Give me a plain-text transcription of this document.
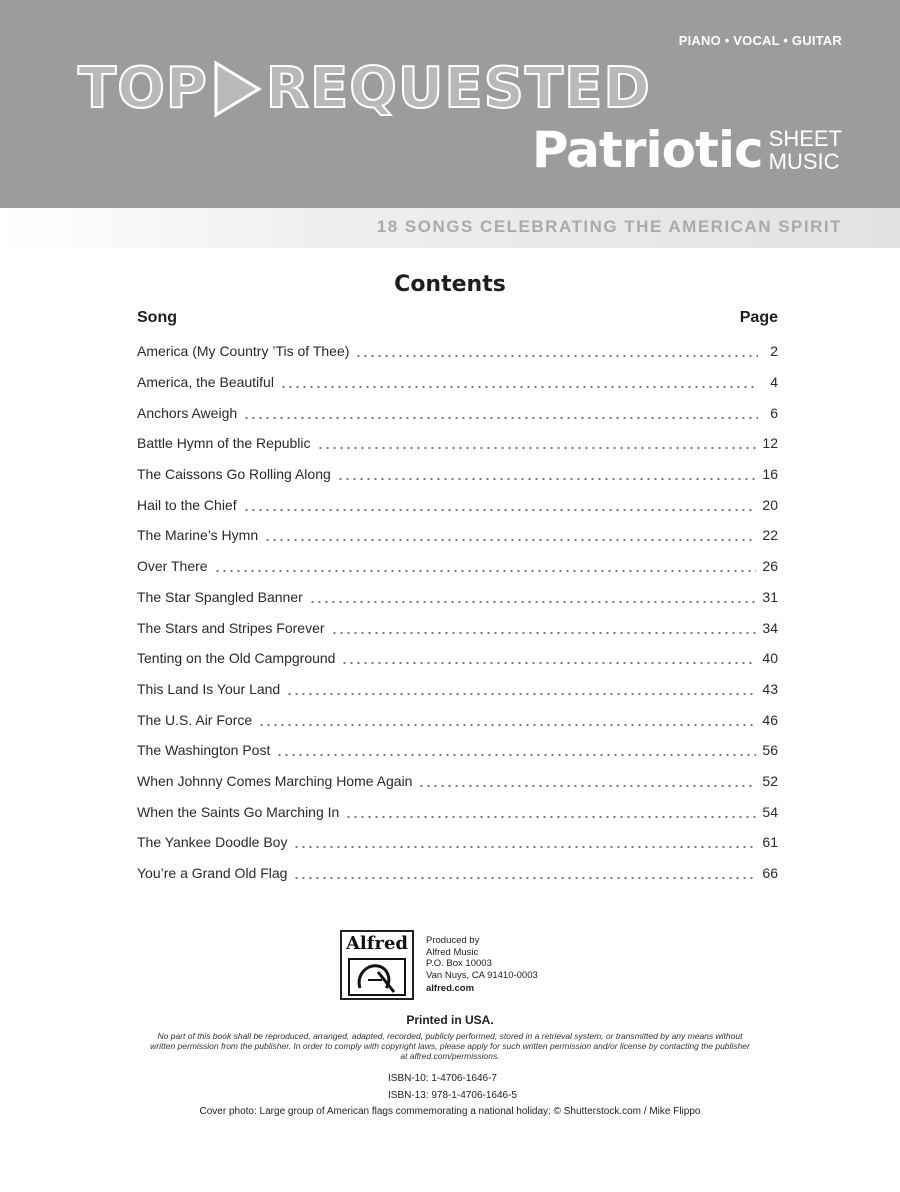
PIANO • VOCAL • GUITAR
TOP REQUESTED
Patriotic SHEET
MUSIC
18 SONGS CELEBRATING THE AMERICAN SPIRIT
Contents
Song	Page
America (My Country ’Tis of Thee)	2
America, the Beautiful	4
Anchors Aweigh	6
Battle Hymn of the Republic	12
The Caissons Go Rolling Along	16
Hail to the Chief	20
The Marine’s Hymn	22
Over There	26
The Star Spangled Banner	31
The Stars and Stripes Forever	34
Tenting on the Old Campground	40
This Land Is Your Land	43
The U.S. Air Force	46
The Washington Post	56
When Johnny Comes Marching Home Again	52
When the Saints Go Marching In	54
The Yankee Doodle Boy	61
You’re a Grand Old Flag	66
Alfred	Produced by
Alfred Music
P.O. Box 10003
Van Nuys, CA 91410-0003
alfred.com
Printed in USA.
No part of this book shall be reproduced, arranged, adapted, recorded, publicly performed, stored in a retrieval system, or transmitted by any means without written permission from the publisher. In order to comply with copyright laws, please apply for such written permission and/or license by contacting the publisher at alfred.com/permissions.
ISBN-10: 1-4706-1646-7
ISBN-13: 978-1-4706-1646-5
Cover photo: Large group of American flags commemorating a national holiday: © Shutterstock.com / Mike Flippo
